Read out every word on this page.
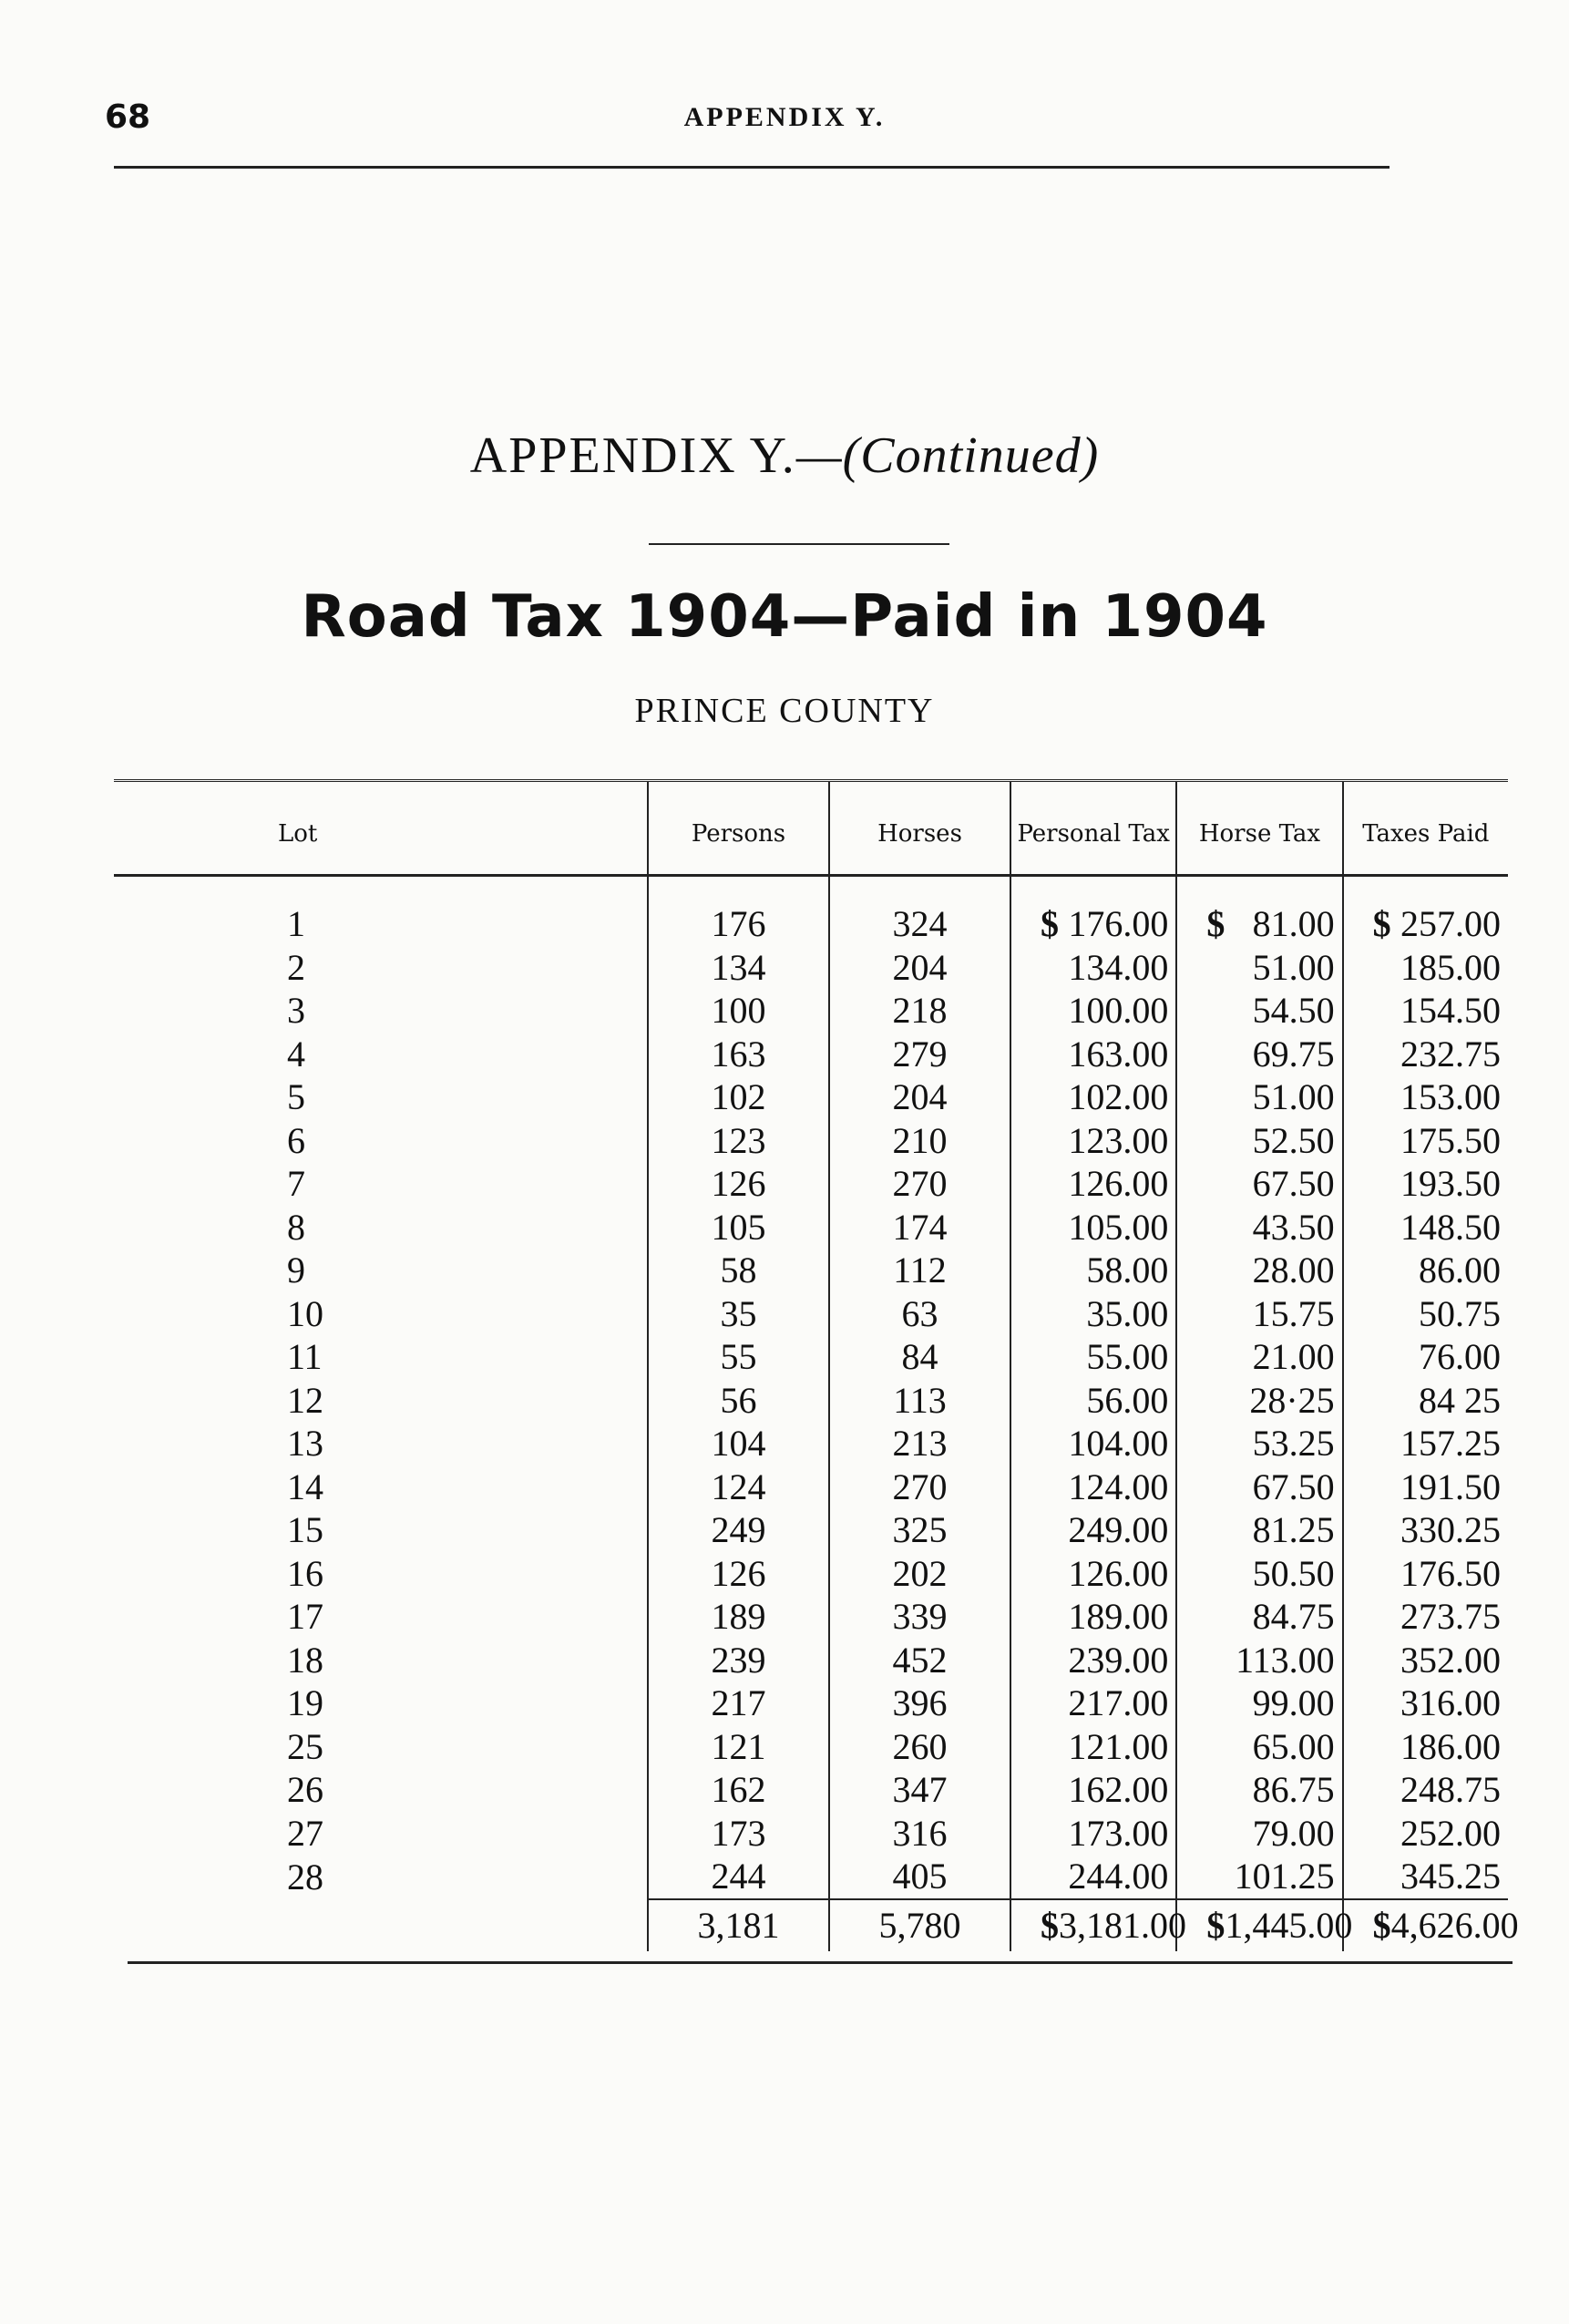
68	APPENDIX Y.
APPENDIX Y.—(Continued)
Road Tax 1904—Paid in 1904
PRINCE COUNTY
Lot	Persons	Horses	Personal Tax	Horse Tax	Taxes Paid

1	176	324	$ 176.00	$ 81.00	$ 257.00
2	134	204	134.00	51.00	185.00
3	100	218	100.00	54.50	154.50
4	163	279	163.00	69.75	232.75
5	102	204	102.00	51.00	153.00
6	123	210	123.00	52.50	175.50
7	126	270	126.00	67.50	193.50
8	105	174	105.00	43.50	148.50
9	58	112	58.00	28.00	86.00
10	35	63	35.00	15.75	50.75
11	55	84	55.00	21.00	76.00
12	56	113	56.00	28·25	84 25
13	104	213	104.00	53.25	157.25
14	124	270	124.00	67.50	191.50
15	249	325	249.00	81.25	330.25
16	126	202	126.00	50.50	176.50
17	189	339	189.00	84.75	273.75
18	239	452	239.00	113.00	352.00
19	217	396	217.00	99.00	316.00
25	121	260	121.00	65.00	186.00
26	162	347	162.00	86.75	248.75
27	173	316	173.00	79.00	252.00
28	244	405	244.00	101.25	345.25
	3,181	5,780	$ 3,181.00	$ 1,445.00	$ 4,626.00
